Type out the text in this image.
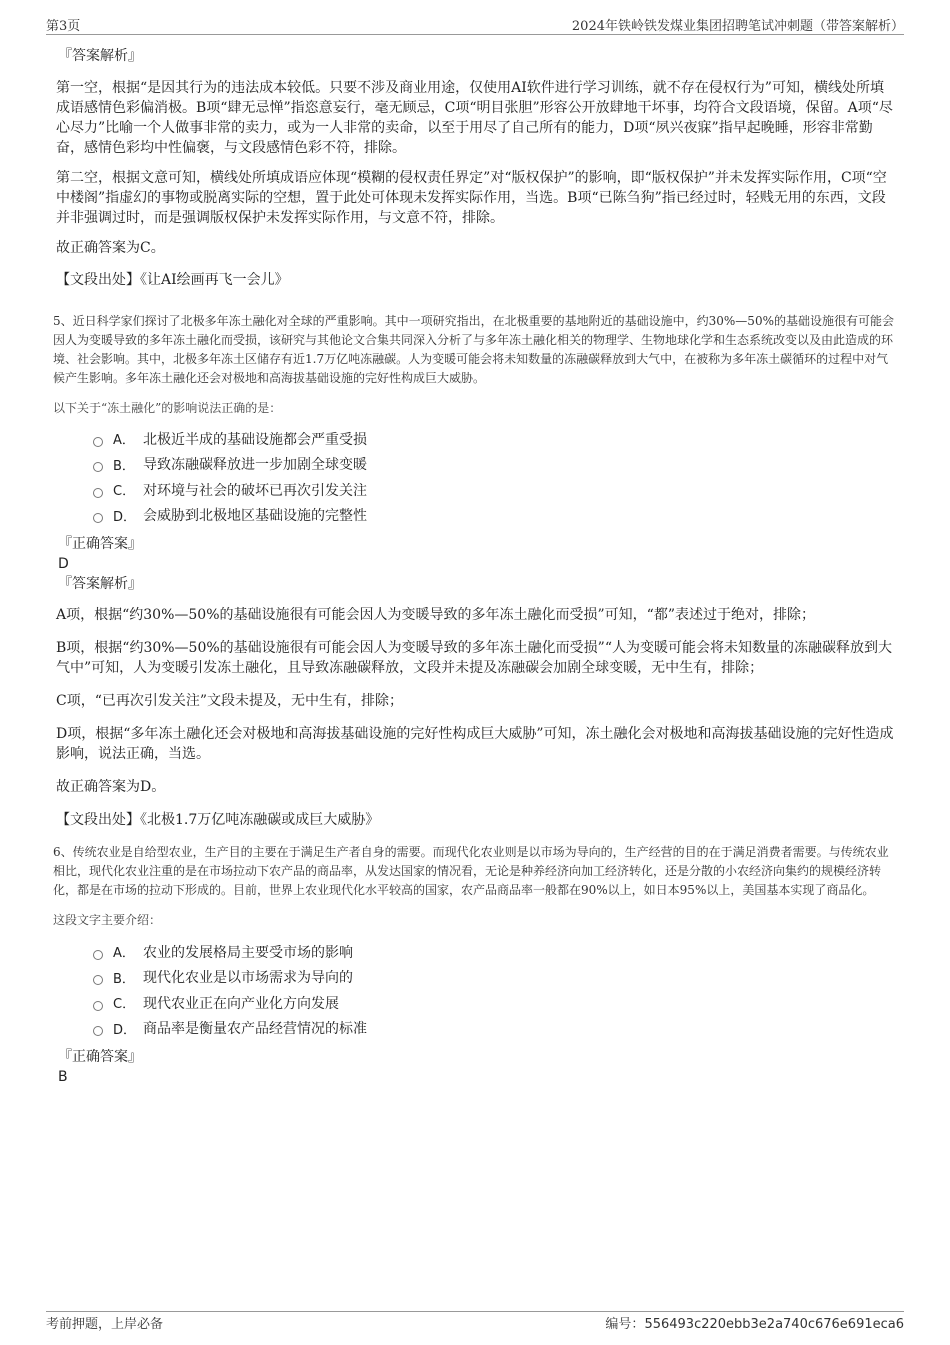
第3页	2024年铁岭铁发煤业集团招聘笔试冲刺题（带答案解析）
『答案解析』

第一空，根据“是因其行为的违法成本较低。只要不涉及商业用途，仅使用AI软件进行学习训练，就不存在侵权行为”可知，横线处所填成语感情色彩偏消极。B项“肆无忌惮”指恣意妄行，毫无顾忌，C项“明目张胆”形容公开放肆地干坏事，均符合文段语境，保留。A项“尽心尽力”比喻一个人做事非常的卖力，或为一人非常的卖命，以至于用尽了自己所有的能力，D项“夙兴夜寐”指早起晚睡，形容非常勤奋，感情色彩均中性偏褒，与文段感情色彩不符，排除。

第二空，根据文意可知，横线处所填成语应体现“模糊的侵权责任界定”对“版权保护”的影响，即“版权保护”并未发挥实际作用，C项“空中楼阁”指虚幻的事物或脱离实际的空想，置于此处可体现未发挥实际作用，当选。B项“已陈刍狗”指已经过时，轻贱无用的东西，文段并非强调过时，而是强调版权保护未发挥实际作用，与文意不符，排除。

故正确答案为C。

【文段出处】《让AI绘画再飞一会儿》

5、近日科学家们探讨了北极多年冻土融化对全球的严重影响。其中一项研究指出，在北极重要的基地附近的基础设施中，约30%—50%的基础设施很有可能会因人为变暖导致的多年冻土融化而受损，该研究与其他论文合集共同深入分析了与多年冻土融化相关的物理学、生物地球化学和生态系统改变以及由此造成的环境、社会影响。其中，北极多年冻土区储存有近1.7万亿吨冻融碳。人为变暖可能会将未知数量的冻融碳释放到大气中，在被称为多年冻土碳循环的过程中对气候产生影响。多年冻土融化还会对极地和高海拔基础设施的完好性构成巨大威胁。

以下关于“冻土融化”的影响说法正确的是：

A． 北极近半成的基础设施都会严重受损
B． 导致冻融碳释放进一步加剧全球变暖
C． 对环境与社会的破坏已再次引发关注
D． 会威胁到北极地区基础设施的完整性
『正确答案』
D
『答案解析』

A项，根据“约30%—50%的基础设施很有可能会因人为变暖导致的多年冻土融化而受损”可知，“都”表述过于绝对，排除；

B项，根据“约30%—50%的基础设施很有可能会因人为变暖导致的多年冻土融化而受损”“人为变暖可能会将未知数量的冻融碳释放到大气中”可知，人为变暖引发冻土融化，且导致冻融碳释放，文段并未提及冻融碳会加剧全球变暖，无中生有，排除；

C项，“已再次引发关注”文段未提及，无中生有，排除；

D项，根据“多年冻土融化还会对极地和高海拔基础设施的完好性构成巨大威胁”可知，冻土融化会对极地和高海拔基础设施的完好性造成影响，说法正确，当选。

故正确答案为D。

【文段出处】《北极1.7万亿吨冻融碳或成巨大威胁》

6、传统农业是自给型农业，生产目的主要在于满足生产者自身的需要。而现代化农业则是以市场为导向的，生产经营的目的在于满足消费者需要。与传统农业相比，现代化农业注重的是在市场拉动下农产品的商品率，从发达国家的情况看，无论是种养经济向加工经济转化，还是分散的小农经济向集约的规模经济转化，都是在市场的拉动下形成的。目前，世界上农业现代化水平较高的国家，农产品商品率一般都在90%以上，如日本95%以上，美国基本实现了商品化。

这段文字主要介绍：

A． 农业的发展格局主要受市场的影响
B． 现代化农业是以市场需求为导向的
C． 现代农业正在向产业化方向发展
D． 商品率是衡量农产品经营情况的标准
『正确答案』
B
考前押题，上岸必备	编号：556493c220ebb3e2a740c676e691eca6
